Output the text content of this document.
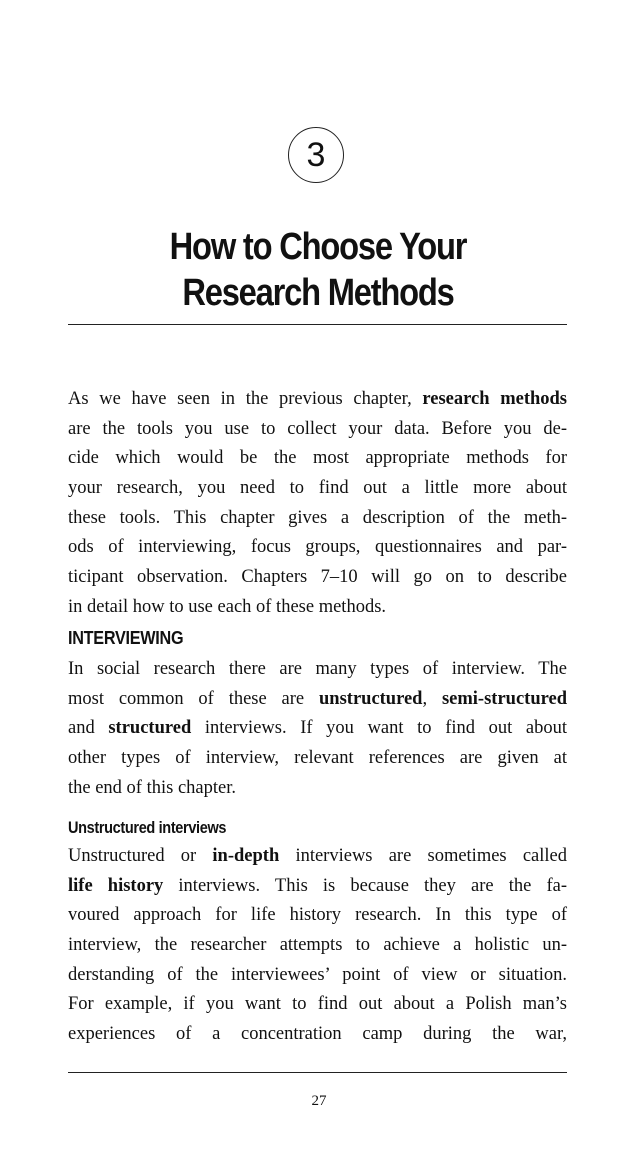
3
How to Choose Your
Research Methods
As we have seen in the previous chapter, research methods
are the tools you use to collect your data. Before you de-
cide which would be the most appropriate methods for
your research, you need to find out a little more about
these tools. This chapter gives a description of the meth-
ods of interviewing, focus groups, questionnaires and par-
ticipant observation. Chapters 7–10 will go on to describe
in detail how to use each of these methods.
INTERVIEWING
In social research there are many types of interview. The
most common of these are unstructured, semi-structured
and structured interviews. If you want to find out about
other types of interview, relevant references are given at
the end of this chapter.
Unstructured interviews
Unstructured or in-depth interviews are sometimes called
life history interviews. This is because they are the fa-
voured approach for life history research. In this type of
interview, the researcher attempts to achieve a holistic un-
derstanding of the interviewees’ point of view or situation.
For example, if you want to find out about a Polish man’s
experiences of a concentration camp during the war,
27
